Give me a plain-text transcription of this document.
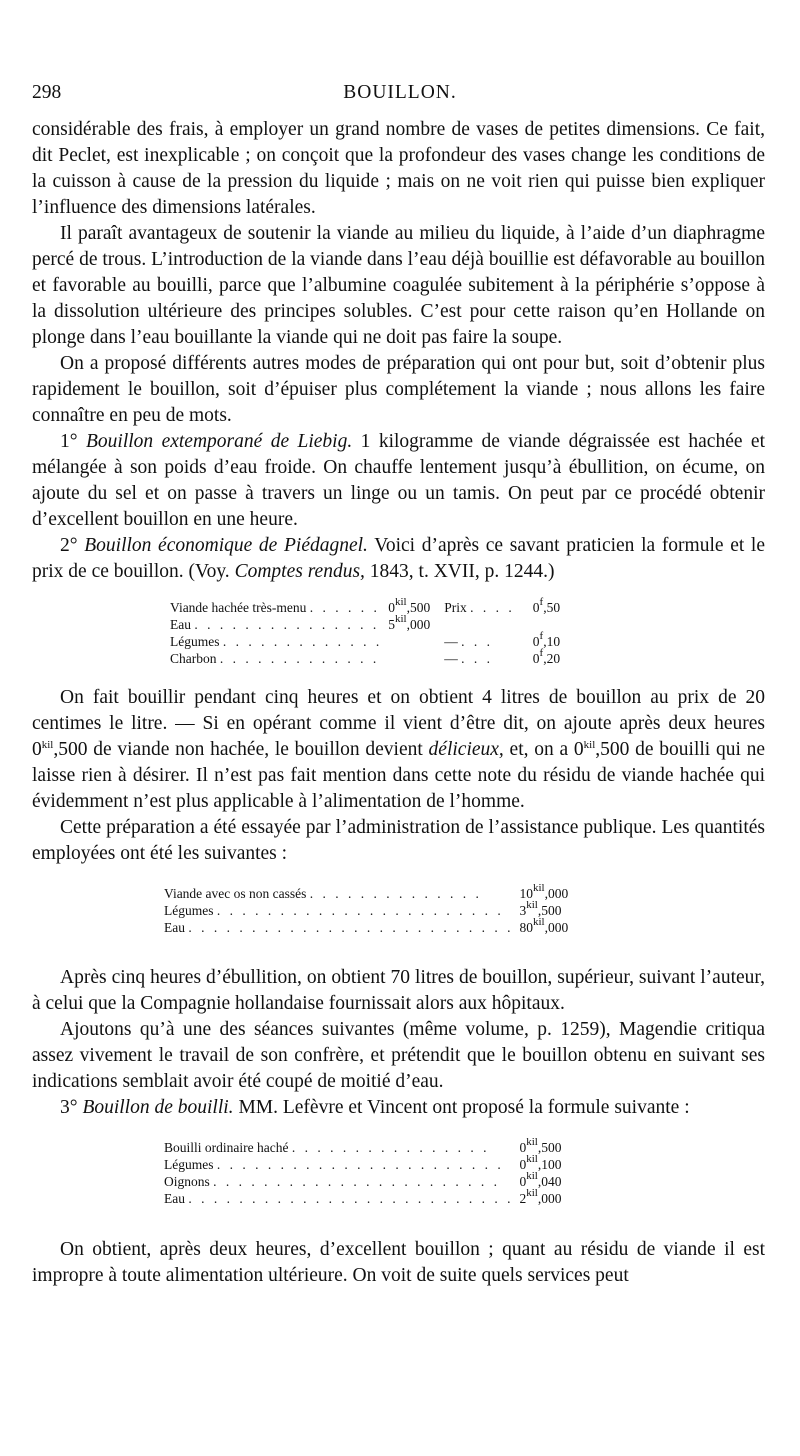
298	BOUILLON.

considérable des frais, à employer un grand nombre de vases de petites dimensions. Ce fait, dit Peclet, est inexplicable ; on conçoit que la profondeur des vases change les conditions de la cuisson à cause de la pression du liquide ; mais on ne voit rien qui puisse bien expliquer l’influence des dimensions latérales.

Il paraît avantageux de soutenir la viande au milieu du liquide, à l’aide d’un diaphragme percé de trous. L’introduction de la viande dans l’eau déjà bouillie est défavorable au bouillon et favorable au bouilli, parce que l’albumine coagulée subitement à la périphérie s’oppose à la dissolution ultérieure des principes solubles. C’est pour cette raison qu’en Hollande on plonge dans l’eau bouillante la viande qui ne doit pas faire la soupe.

On a proposé différents autres modes de préparation qui ont pour but, soit d’obtenir plus rapidement le bouillon, soit d’épuiser plus complétement la viande ; nous allons les faire connaître en peu de mots.

1° Bouillon extemporané de Liebig. 1 kilogramme de viande dégraissée est hachée et mélangée à son poids d’eau froide. On chauffe lentement jusqu’à ébullition, on écume, on ajoute du sel et on passe à travers un linge ou un tamis. On peut par ce procédé obtenir d’excellent bouillon en une heure.

2° Bouillon économique de Piédagnel. Voici d’après ce savant praticien la formule et le prix de ce bouillon. (Voy. Comptes rendus, 1843, t. XVII, p. 1244.)

Viande hachée très-menu . . . . . .	$0^{kil},500$	Prix . . . .	0$^f$,50
Eau . . . . . . . . . . . . . . .	$5^{kil},000$		
Légumes . . . . . . . . . . . . .		— . . .	0$^f$,10
Charbon . . . . . . . . . . . . .		— . . .	0$^f$,20

On fait bouillir pendant cinq heures et on obtient 4 litres de bouillon au prix de 20 centimes le litre. — Si en opérant comme il vient d’être dit, on ajoute après deux heures $0^{kil},500$ de viande non hachée, le bouillon devient délicieux, et, on a $0^{kil},500$ de bouilli qui ne laisse rien à désirer. Il n’est pas fait mention dans cette note du résidu de viande hachée qui évidemment n’est plus applicable à l’alimentation de l’homme.

Cette préparation a été essayée par l’administration de l’assistance publique. Les quantités employées ont été les suivantes :

Viande avec os non cassés . . . . . . . . . . . . . .	$10^{kil},000$
Légumes . . . . . . . . . . . . . . . . . . . . . . .	$3^{kil},500$
Eau . . . . . . . . . . . . . . . . . . . . . . . . . .	$80^{kil},000$

Après cinq heures d’ébullition, on obtient 70 litres de bouillon, supérieur, suivant l’auteur, à celui que la Compagnie hollandaise fournissait alors aux hôpitaux.

Ajoutons qu’à une des séances suivantes (même volume, p. 1259), Magendie critiqua assez vivement le travail de son confrère, et prétendit que le bouillon obtenu en suivant ses indications semblait avoir été coupé de moitié d’eau.

3° Bouillon de bouilli. MM. Lefèvre et Vincent ont proposé la formule suivante :

Bouilli ordinaire haché . . . . . . . . . . . . . . . .	$0^{kil},500$
Légumes . . . . . . . . . . . . . . . . . . . . . . .	$0^{kil},100$
Oignons . . . . . . . . . . . . . . . . . . . . . . .	$0^{kil},040$
Eau . . . . . . . . . . . . . . . . . . . . . . . . . .	$2^{kil},000$

On obtient, après deux heures, d’excellent bouillon ; quant au résidu de viande il est impropre à toute alimentation ultérieure. On voit de suite quels services peut
